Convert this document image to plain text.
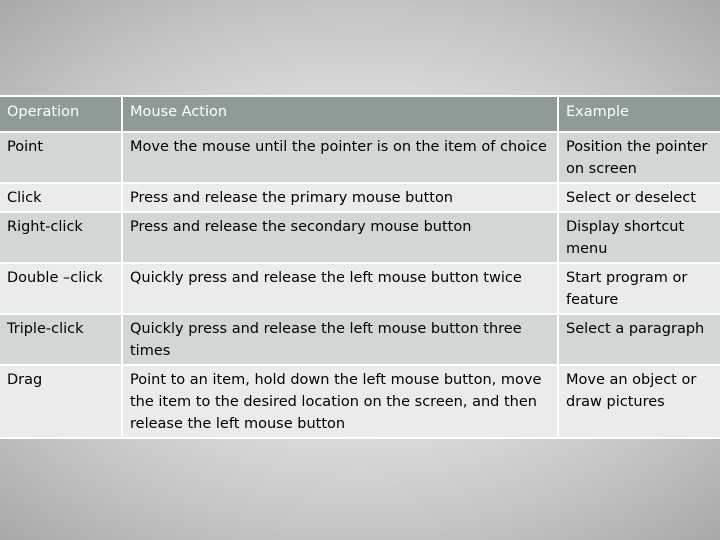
Operation	Mouse Action	Example
Point	Move the mouse until the pointer is on the item of choice	Position the pointer on screen
Click	Press and release the primary mouse button	Select or deselect
Right-click	Press and release the secondary mouse button	Display shortcut menu
Double –click	Quickly press and release the left mouse button twice	Start program or feature
Triple-click	Quickly press and release the left mouse button three times	Select a paragraph
Drag	Point to an item, hold down the left mouse button, move the item to the desired location on the screen, and then release the left mouse button	Move an object or draw pictures
